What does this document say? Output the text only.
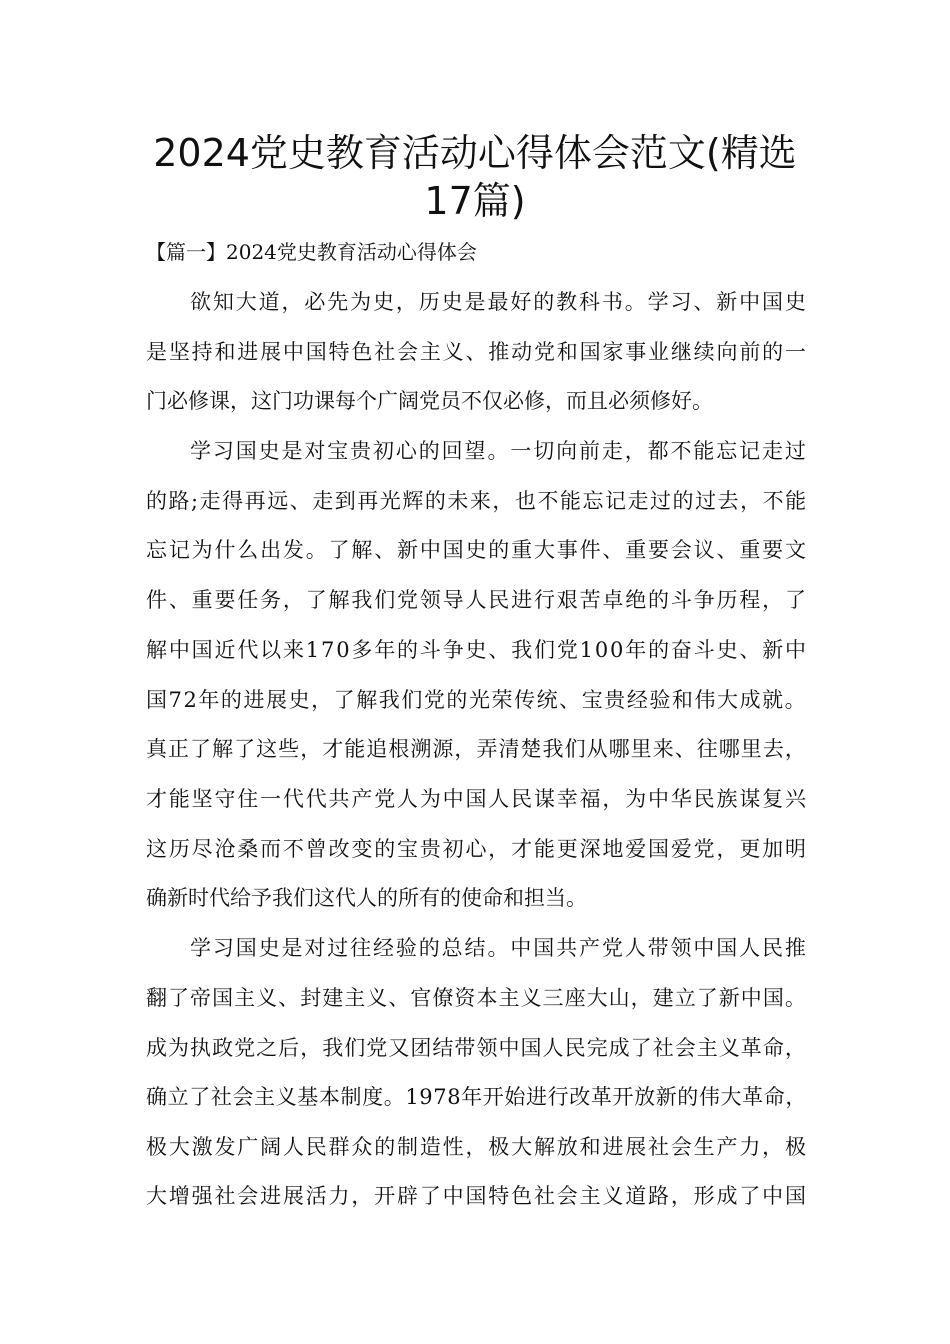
2024党史教育活动心得体会范文(精选
17篇)
【篇一】2024党史教育活动心得体会
欲知大道，必先为史，历史是最好的教科书。学习、新中国史
是坚持和进展中国特色社会主义、推动党和国家事业继续向前的一
门必修课，这门功课每个广阔党员不仅必修，而且必须修好。
学习国史是对宝贵初心的回望。一切向前走，都不能忘记走过
的路;走得再远、走到再光辉的未来，也不能忘记走过的过去，不能
忘记为什么出发。了解、新中国史的重大事件、重要会议、重要文
件、重要任务，了解我们党领导人民进行艰苦卓绝的斗争历程，了
解中国近代以来170多年的斗争史、我们党100年的奋斗史、新中
国72年的进展史，了解我们党的光荣传统、宝贵经验和伟大成就。
真正了解了这些，才能追根溯源，弄清楚我们从哪里来、往哪里去，
才能坚守住一代代共产党人为中国人民谋幸福，为中华民族谋复兴
这历尽沧桑而不曾改变的宝贵初心，才能更深地爱国爱党，更加明
确新时代给予我们这代人的所有的使命和担当。
学习国史是对过往经验的总结。中国共产党人带领中国人民推
翻了帝国主义、封建主义、官僚资本主义三座大山，建立了新中国。
成为执政党之后，我们党又团结带领中国人民完成了社会主义革命，
确立了社会主义基本制度。1978年开始进行改革开放新的伟大革命，
极大激发广阔人民群众的制造性，极大解放和进展社会生产力，极
大增强社会进展活力，开辟了中国特色社会主义道路，形成了中国
